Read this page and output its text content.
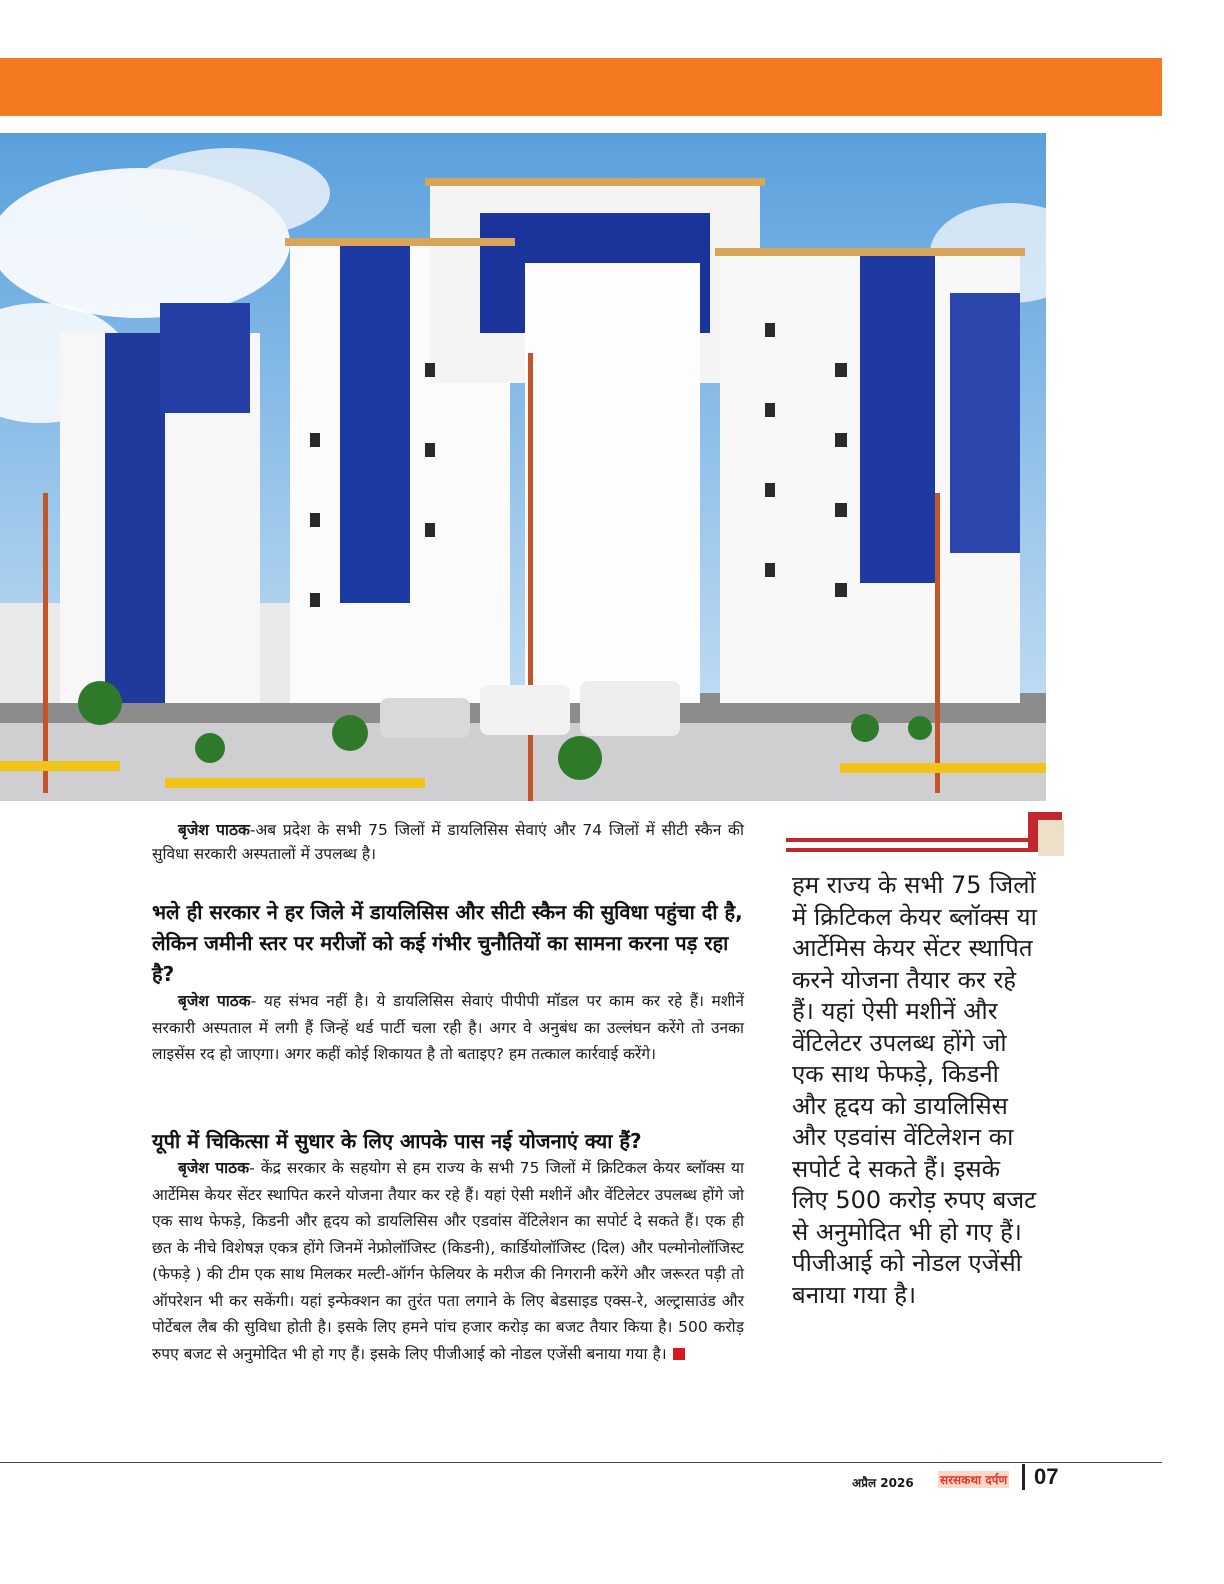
बृजेश पाठक-अब प्रदेश के सभी 75 जिलों में डायलिसिस सेवाएं और 74 जिलों में सीटी स्कैन की सुविधा सरकारी अस्पतालों में उपलब्ध है।

भले ही सरकार ने हर जिले में डायलिसिस और सीटी स्कैन की सुविधा पहुंचा दी है, लेकिन जमीनी स्तर पर मरीजों को कई गंभीर चुनौतियों का सामना करना पड़ रहा है?

बृजेश पाठक- यह संभव नहीं है। ये डायलिसिस सेवाएं पीपीपी मॉडल पर काम कर रहे हैं। मशीनें सरकारी अस्पताल में लगी हैं जिन्हें थर्ड पार्टी चला रही है। अगर वे अनुबंध का उल्लंघन करेंगे तो उनका लाइसेंस रद हो जाएगा। अगर कहीं कोई शिकायत है तो बताइए? हम तत्काल कार्रवाई करेंगे।

यूपी में चिकित्सा में सुधार के लिए आपके पास नई योजनाएं क्या हैं?

बृजेश पाठक- केंद्र सरकार के सहयोग से हम राज्य के सभी 75 जिलों में क्रिटिकल केयर ब्लॉक्स या आर्टेमिस केयर सेंटर स्थापित करने योजना तैयार कर रहे हैं। यहां ऐसी मशीनें और वेंटिलेटर उपलब्ध होंगे जो एक साथ फेफड़े, किडनी और हृदय को डायलिसिस और एडवांस वेंटिलेशन का सपोर्ट दे सकते हैं। एक ही छत के नीचे विशेषज्ञ एकत्र होंगे जिनमें नेफ्रोलॉजिस्ट (किडनी), कार्डियोलॉजिस्ट (दिल) और पल्मोनोलॉजिस्ट (फेफड़े ) की टीम एक साथ मिलकर मल्टी-ऑर्गन फेलियर के मरीज की निगरानी करेंगे और जरूरत पड़ी तो ऑपरेशन भी कर सकेंगी। यहां इन्फेक्शन का तुरंत पता लगाने के लिए बेडसाइड एक्स-रे, अल्ट्रासाउंड और पोर्टेबल लैब की सुविधा होती है। इसके लिए हमने पांच हजार करोड़ का बजट तैयार किया है। 500 करोड़ रुपए बजट से अनुमोदित भी हो गए हैं। इसके लिए पीजीआई को नोडल एजेंसी बनाया गया है।

हम राज्य के सभी 75 जिलों में क्रिटिकल केयर ब्लॉक्स या आर्टेमिस केयर सेंटर स्थापित करने योजना तैयार कर रहे हैं। यहां ऐसी मशीनें और वेंटिलेटर उपलब्ध होंगे जो एक साथ फेफड़े, किडनी और हृदय को डायलिसिस और एडवांस वेंटिलेशन का सपोर्ट दे सकते हैं। इसके लिए 500 करोड़ रुपए बजट से अनुमोदित भी हो गए हैं। पीजीआई को नोडल एजेंसी बनाया गया है।

अप्रैल 2026 सरसकथा दर्पण 07
